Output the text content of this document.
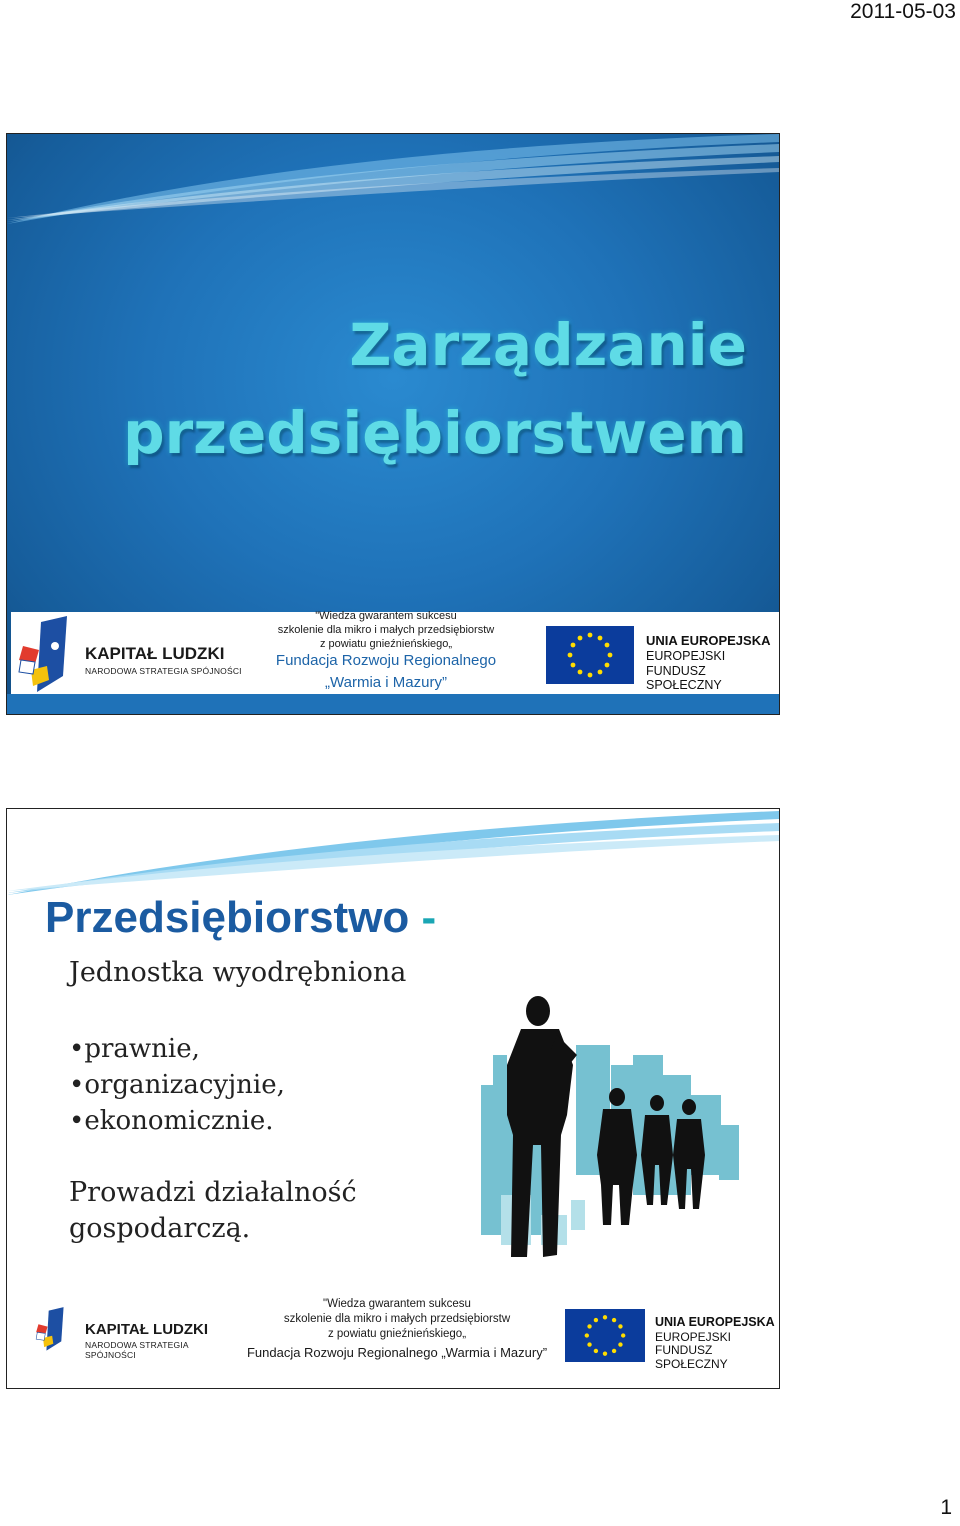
2011-05-03
Zarządzanie
przedsiębiorstwem
KAPITAŁ LUDZKI
NARODOWA STRATEGIA SPÓJNOŚCI
"Wiedza gwarantem sukcesu
szkolenie dla mikro i małych przedsiębiorstw
z powiatu gnieźnieńskiego„
Fundacja Rozwoju Regionalnego
„Warmia i Mazury”
UNIA EUROPEJSKA
EUROPEJSKI
FUNDUSZ SPOŁECZNY
Przedsiębiorstwo -
Jednostka wyodrębniona
•prawnie,
•organizacyjnie,
•ekonomicznie.
Prowadzi działalność
gospodarczą.
KAPITAŁ LUDZKI
NARODOWA STRATEGIA SPÓJNOŚCI
"Wiedza gwarantem sukcesu
szkolenie dla mikro i małych przedsiębiorstw
z powiatu gnieźnieńskiego„
Fundacja Rozwoju Regionalnego „Warmia i Mazury”
UNIA EUROPEJSKA
EUROPEJSKI
FUNDUSZ SPOŁECZNY
1
